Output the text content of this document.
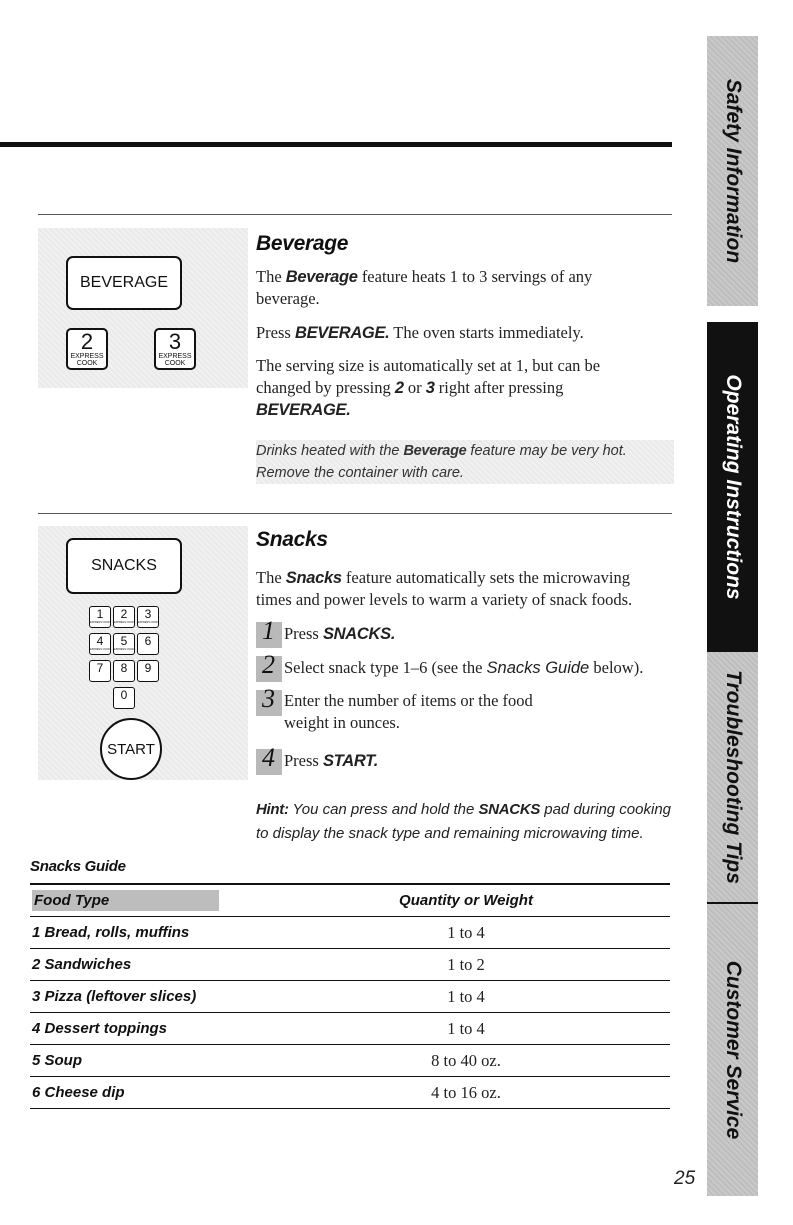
BEVERAGE
2
EXPRESS COOK
3
EXPRESS COOK
Beverage
The Beverage feature heats 1 to 3 servings of any beverage.
Press BEVERAGE. The oven starts immediately.
The serving size is automatically set at 1, but can be changed by pressing 2 or 3 right after pressing BEVERAGE.
Drinks heated with the Beverage feature may be very hot. Remove the container with care.
SNACKS
1
EXPRESS COOK
2
EXPRESS COOK
3
EXPRESS COOK
4
EXPRESS COOK
5
EXPRESS COOK
6
7 8 9
0
START
Snacks
The Snacks feature automatically sets the microwaving times and power levels to warm a variety of snack foods.
1 Press SNACKS.
2 Select snack type 1–6 (see the Snacks Guide below).
3 Enter the number of items or the food weight in ounces.
4 Press START.
Hint: You can press and hold the SNACKS pad during cooking to display the snack type and remaining microwaving time.
Snacks Guide
Food Type	Quantity or Weight
1 Bread, rolls, muffins	1 to 4
2 Sandwiches	1 to 2
3 Pizza (leftover slices)	1 to 4
4 Dessert toppings	1 to 4
5 Soup	8 to 40 oz.
6 Cheese dip	4 to 16 oz.
Safety Information
Operating Instructions
Troubleshooting Tips
Customer Service
25
